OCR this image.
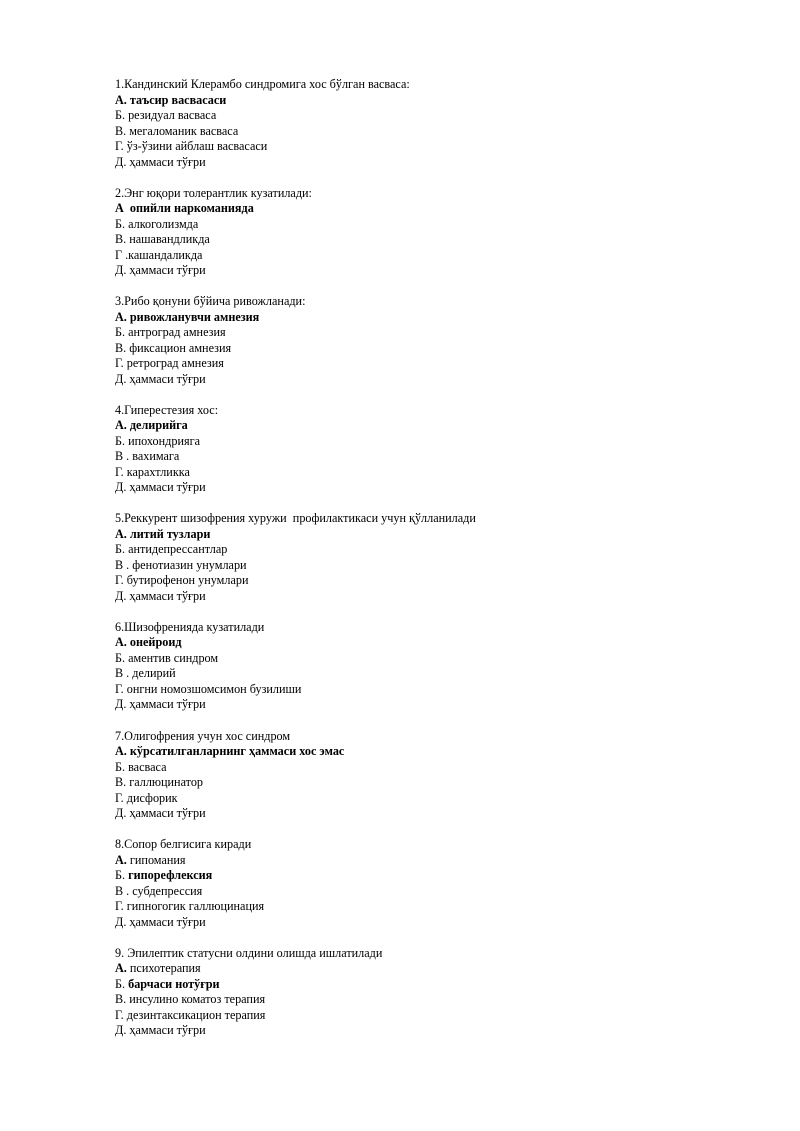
1.Кандинский Клерамбо синдромига хос бўлган васваса:
А. таъсир васвасаси
Б. резидуал васваса
В. мегаломаник васваса
Г. ўз-ўзини айблаш васвасаси
Д. ҳаммаси тўғри
2.Энг юқори толерантлик кузатилади:
А  опийли наркоманияда
Б. алкоголизмда
В. нашавандликда
Г .кашандаликда
Д. ҳаммаси тўғри
3.Рибо қонуни бўйича ривожланади:
А. ривожланувчи амнезия
Б. антроград амнезия
В. фиксацион амнезия
Г. ретроград амнезия
Д. ҳаммаси тўғри
4.Гиперестезия хос:
А. делирийга
Б. ипохондрияга
В . вахимага
Г. карахтликка
Д. ҳаммаси тўғри
5.Реккурент шизофрения хуружи  профилактикаси учун қўлланилади
А. литий тузлари
Б. антидепрессантлар
В . фенотиазин унумлари
Г. бутирофенон унумлари
Д. ҳаммаси тўғри
6.Шизофренияда кузатилади
А. онейроид
Б. аментив синдром
В . делирий
Г. онгни номозшомсимон бузилиши
Д. ҳаммаси тўғри
7.Олигофрения учун хос синдром
А. кўрсатилганларнинг ҳаммаси хос эмас
Б. васваса
В. галлюцинатор
Г. дисфорик
Д. ҳаммаси тўғри
8.Сопор белгисига киради
А. гипомания
Б. гипорефлексия
В . субдепрессия
Г. гипногогик галлюцинация
Д. ҳаммаси тўғри
9. Эпилептик статусни олдини олишда ишлатилади
А. психотерапия
Б. барчаси нотўғри
В. инсулино коматоз терапия
Г. дезинтаксикацион терапия
Д. ҳаммаси тўғри
